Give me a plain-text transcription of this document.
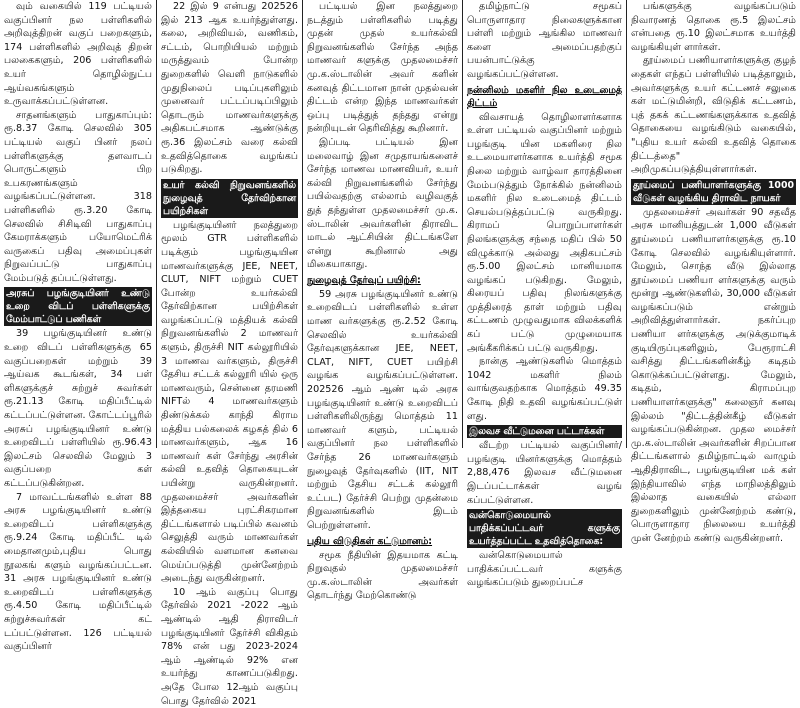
வும் வகையில் 119 பட்டியல் வகுப்பினர் நல பள்ளிகளில் அறிவுத்திறன் வகுப் பறைகளும், 174 பள்ளிகளில் அறிவுத் திறன் பலகைகளும், 206 பள்ளிகளில் உயர் தொழில்நுட்ப ஆய்வகங்களும் உருவாக்கப்பட்டுள்ளன.

சாதனங்களும் பாதுகாப்பும்: ரூ.8.37 கோடி செலவில் 305 பட்டியல் வகுப் பினர் நலப் பள்ளிகளுக்கு தளவாடப் பொருட்களும் பிற உபகரணங்களும் வழங்கப்பட்டுள்ளன. 318 பள்ளிகளில் ரூ.3.20 கோடி செலவில் சிசிடிவி பாதுகாப்பு கேமராக்களும் பயோமெட்ரிக் வருகைப் பதிவு அமைப்புகள் நிறுவப்பட்டு பாதுகாப்பு மேம்படுத் தப்பட்டுள்ளது.

அரசுப் பழங்குடியினர் உண்டு உறை விடப் பள்ளிகளுக்கு மேம்பாட்டுப் பணிகள்

39 பழங்குடியினர் உண்டு உறை விடப் பள்ளிகளுக்கு 65 வகுப்பறைகள் மற்றும் 39 ஆய்வக கூடங்கள், 34 பள் ளிகளுக்குச் சுற்றுச் சுவர்கள் ரூ.21.13 கோடி மதிப்பீட்டில் கட்டப்பட்டுள்ளன. கோட்டப்பூரில் அரசுப் பழங்குடியினர் உண்டு உறைவிடப் பள்ளியில் ரூ.96.43 இலட்சம் செலவில் மேலும் 3 வகுப்பறை கள் கட்டப்படுகின்றன.

7 மாவட்டங்களில் உள்ள 88 அரசு பழங்குடியினர் உண்டு உறைவிடப் பள்ளிகளுக்கு ரூ.9.24 கோடி மதிப்பீட் டில் மைதானமும்,புதிய பொது நூலகங் களும் வழங்கப்பட்டன. 31 அரசு பழங்குடியினர் உண்டு உறைவிடப் பள்ளிகளுக்கு ரூ.4.50 கோடி மதிப்பீட்டில் சுற்றுச்சுவர்கள் கட் டப்பட்டுள்ளன. 126 பட்டியல் வகுப்பினர்

22 இல் 9 என்பது 202526 இல் 213 ஆக உயர்ந்துள்ளது. கலை, அறிவியல், வணிகம், சட்டம், பொறியியல் மற்றும் மருத்துவம் போன்ற துறைகளில் வெளி நாடுகளில் முதுநிலைப் படிப்புகளிலும் முனைவர் பட்டப்படிப்பிலும் தொடரும் மாணவர்களுக்கு அதிகபட்சமாக ஆண்டுக்கு ரூ.36 இலட்சம் வரை கல்வி உதவித்தொகை வழங்கப் படுகிறது.

உயர் கல்வி நிறுவனங்களில் நுழைவுத் தேர்விற்கான பயிற்சிகள்

பழங்குடியினர் நலத்துறை மூலம் GTR பள்ளிகளில் படிக்கும் பழங்குடியின மாணவர்களுக்கு JEE, NEET, CLUT, NIFT மற்றும் CUET போன்ற உயர்கல்வி தேர்விற்கான பயிற்சிகள் வழங்கப்பட்டு மத்தியக் கல்வி நிறுவனங்களில் 2 மாணவர் களும், திருச்சி NIT கல்லூரியில் 3 மாணவ வர்களும், திருச்சி தேசிய சட்டக் கல்லூரி யில் ஒரு மாணவரும், சென்னை தரமணி NIFTல் 4 மாணவர்களும் திண்டுக்கல் காந்தி கிராம மத்திய பல்கலைக் கழகத் தில் 6 மாணவர்களும், ஆக 16 மாணவர் கள் சேர்ந்து அரசின் கல்வி உதவித் தொகையுடன் பயின்று வருகின்றனர். முதலமைச்சர் அவர்களின் இத்தகைய புரட்சிகரமான திட்டங்களால் படிப்பில் கவனம் செலுத்தி வரும் மாணவர்கள் கல்வியில் வளமான கனவை மெய்ப்படுத்தி முன்னேற்றம் அடைந்து வருகின்றனர்.

10 ஆம் வகுப்பு பொது தேர்வில் 2021 -2022 ஆம் ஆண்டில் ஆதி திராவிடர் பழங்குடியினர் தேர்ச்சி விகிதம் 78% என் பது 2023-2024 ஆம் ஆண்டில் 92% என உயர்ந்து காணப்படுகிறது. அதே போல 12ஆம் வகுப்பு பொது தேர்வில் 2021

பட்டியல் இன நலத்துறை நடத்தும் பள்ளிகளில் படித்து முதன் முதல் உயர்கல்வி நிறுவனங்களில் சேர்ந்த அந்த மாணவர் களுக்கு முதலமைச்சர் மு.க.ஸ்டாலின் அவர் களின் கனவுத் திட்டமான நான் முதல்வன் திட்டம் என்ற இந்த மாணவர்கள் ஒப்பு படித்துத் தந்தது என்று நன்றியுடன் தெரிவித்து கூறினார்.

இப்படி பட்டியல் இன மலைவாழ் இன சமுதாயங்களைச் சேர்ந்த மாணவ மாணவியர், உயர் கல்வி நிறுவனங்களில் சேர்ந்து பயில்வதற்கு எல்லாம் வழிவகுத் துத் தந்துள்ள முதலமைச்சர் மு.க. ஸ்டாலின் அவர்களின் திராவிட மாடல் ஆட்சியின் திட்டங்களே என்று கூறினால் அது மிகையாகாது.

நுழைவுத் தேர்வுப் பயிற்சி:

59 அரசு பழங்குடியினர் உண்டு உறைவிடப் பள்ளிகளில் உள்ள மாண வர்களுக்கு ரூ.2.52 கோடி செலவில் உயர்கல்வி தேர்வுகளுக்கான JEE, NEET, CLAT, NIFT, CUET பயிற்சி வழங்க வழங்கப்பட்டுள்ளன. 202526 ஆம் ஆண் டில் அரசு பழங்குடியினர் உண்டு உறைவிடப் பள்ளிகளிலிருந்து மொத்தம் 11 மாணவர் களும், பட்டியல் வகுப்பினர் நல பள்ளிகளில் சேர்ந்த 26 மாணவர்களும் நுழைவுத் தேர்வுகளில் (IIT, NIT மற்றும் தேசிய சட்டக் கல்லூரி உட்பட) தேர்ச்சி பெற்று முதன்மை நிறுவனங்களில் இடம் பெற்றுள்ளனர்.

புதிய விடுதிகள் கட்டுமானம்:

சமூக நீதியின் இதயமாக கட்டி நிறுவுதல் முதலமைச்சர் மு.க.ஸ்டாலின் அவர்கள் தொடர்ந்து மேற்கொண்டு

தமிழ்நாட்டு சமூகப் பொருளாதார நிலைகளுக்கான பள்ளி மற்றும் ஆங்கில மாணவர் களை அமைப்பதற்குப் பயன்பாட்டுக்கு வழங்கப்பட்டுள்ளன.

நன்னிலம் மகளிர் நில உடைமைத் திட்டம்

விவசாயத் தொழிலாளர்களாக உள்ள பட்டியல் வகுப்பினர் மற்றும் பழங்குடி யின மகளிரை நில உடமையாளர்களாக உயர்த்தி சமூக நிலை மற்றும் வாழ்வா தாரத்தினை மேம்படுத்தும் நோக்கில் நன்னிலம் மகளிர் நில உடைமைத் திட்டம் செயல்படுத்தப்பட்டு வருகிறது. கிராமப் பொறுப்பாளர்கள் நிலங்களுக்கு சந்தை மதிப் பில் 50 விழுக்காடு அல்லது அதிகபட்சம் ரூ.5.00 இலட்சம் மானியமாக வழங்கப் படுகிறது. மேலும், கிரையப் பதிவு நிலங்களுக்கு முத்திரைத் தாள் மற்றும் பதிவு கட்டணம் முழுவதுமாக விலக்களிக் கப் பட்டு முழுமையாக அங்கீகரிக்கப் பட்டு வருகிறது.

நான்கு ஆண்டுகளில் மொத்தம் 1042 மகளிர் நிலம் வாங்குவதற்காக மொத்தம் 49.35 கோடி நிதி உதவி வழங்கப்பட்டுள் ளது.

இலவச வீட்டுமனை பட்டாக்கள்

வீடற்ற பட்டியல் வகுப்பினர்/பழங்குடி யினர்களுக்கு மொத்தம் 2,88,476 இலவச வீட்டுமனை இடப்பட்டாக்கள் வழங் கப்பட்டுள்ளன.

வன்கொடுமையால் பாதிக்கப்பட்டவர் களுக்கு உயர்த்தப்பட்ட உதவித்தொகை:

வன்கொடுமையால் பாதிக்கப்பட்டவர் களுக்கு வழங்கப்படும் துறைப்பட்ச

பங்களுக்கு வழங்கப்படும் நிவாரணத் தொகை ரூ.5 இலட்சம் என்பதை ரூ.10 இலட்சமாக உயர்த்தி வழங்கியுள் ளார்கள்.

தூய்மைப் பணியாளர்களுக்கு குழந் தைகள் எந்தப் பள்ளியில் படித்தாலும், அவர்களுக்கு உயர் கட்டணச் சலுகை கள் மட்டுமின்றி, விடுதிக் கட்டணம், புத் தகக் கட்டணங்களுக்காக உதவித் தொகையை வழங்கிடும் வகையில், "புதிய உயர் கல்வி உதவித் தொகை திட்டத்தை" அறிமுகப்படுத்தியுள்ளார்கள்.

தூய்மைப் பணியாளர்களுக்கு 1000 வீடுகள் வழங்கிய திராவிட நாயகர்

முதலமைச்சர் அவர்கள் 90 சதவீத அரசு மானியத்துடன் 1,000 வீடுகள் தூய்மைப் பணியாளர்களுக்கு ரூ.10 கோடி செலவில் வழங்கியுள்ளார். மேலும், சொந்த வீடு இல்லாத தூய்மைப் பணியா ளர்களுக்கு வரும் மூன்று ஆண்டுகளில், 30,000 வீடுகள் வழங்கப்படும் என்றும் அறிவித்துள்ளார்கள். நகர்ப்புற பணியா ளர்களுக்கு அடுக்குமாடிக் குடியிருப்புகளிலும், பேரூராட்சி வசித்து திட்டங்களின்கீழ் கடிதம் கொடுக்கப்பட்டுள்ளது. மேலும், கடிதம், கிராமப்புற பணியாளர்களுக்கு" கலைஞர் கனவு இல்லம் "திட்டத்தின்கீழ் வீடுகள் வழங்கப்படுகின்றன. முதல மைச்சர் மு.க.ஸ்டாலின் அவர்களின் சிறப்பான திட்டங்களால் தமிழ்நாட்டில் வாழும் ஆதிதிராவிட, பழங்குடியின மக் கள் இந்தியாவில் எந்த மாநிலத்திலும் இல்லாத வகையில் எல்லா துறைகளிலும் முன்னேற்றம் கண்டு, பொருளாதார நிலையை உயர்த்தி முன் னேற்றம் கண்டு வருகின்றனர்.
